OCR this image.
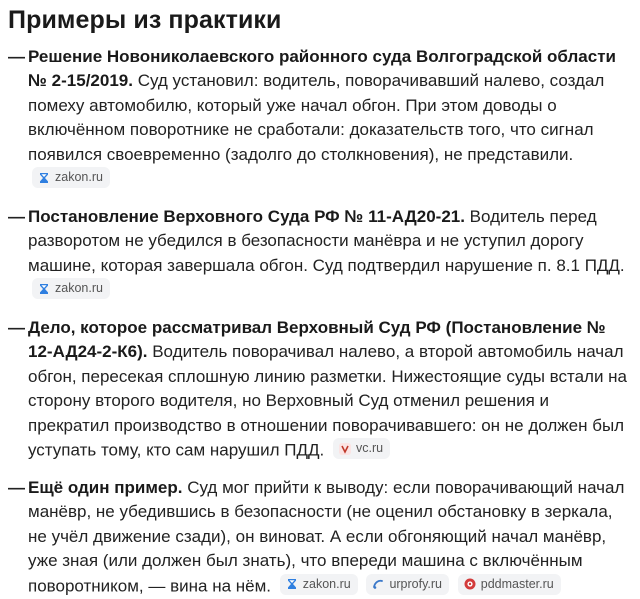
Примеры из практики
— Решение Новониколаевского районного суда Волгоградской области № 2-15/2019. Суд установил: водитель, поворачивавший налево, создал помеху автомобилю, который уже начал обгон. При этом доводы о включённом поворотнике не сработали: доказательств того, что сигнал появился своевременно (задолго до столкновения), не представили.
zakon.ru
— Постановление Верховного Суда РФ № 11-АД20-21. Водитель перед разворотом не убедился в безопасности манёвра и не уступил дорогу машине, которая завершала обгон. Суд подтвердил нарушение п. 8.1 ПДД.
zakon.ru
— Дело, которое рассматривал Верховный Суд РФ (Постановление № 12-АД24-2-К6). Водитель поворачивал налево, а второй автомобиль начал обгон, пересекая сплошную линию разметки. Нижестоящие суды встали на сторону второго водителя, но Верховный Суд отменил решения и прекратил производство в отношении поворачивавшего: он не должен был уступать тому, кто сам нарушил ПДД.	vc.ru
— Ещё один пример. Суд мог прийти к выводу: если поворачивающий начал манёвр, не убедившись в безопасности (не оценил обстановку в зеркала, не учёл движение сзади), он виноват. А если обгоняющий начал манёвр, уже зная (или должен был знать), что впереди машина с включённым поворотником, — вина на нём.	zakon.ru
	urprofy.ru
	pddmaster.ru
